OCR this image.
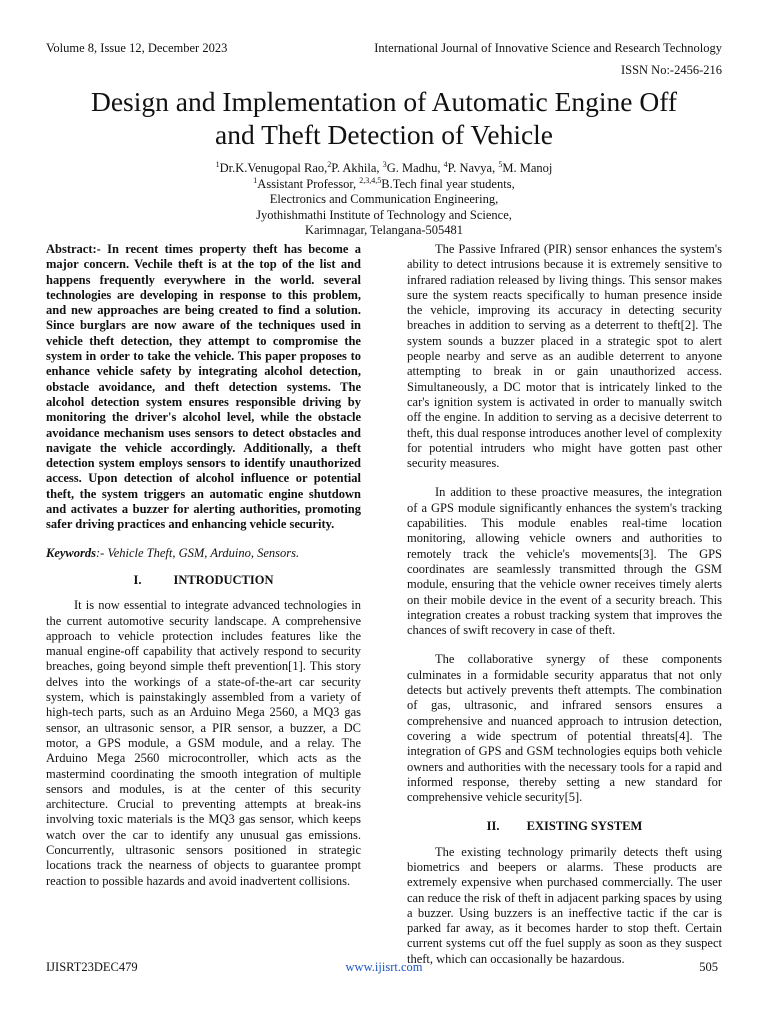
Volume 8, Issue 12, December 2023	International Journal of Innovative Science and Research Technology
ISSN No:-2456-216
Design and Implementation of Automatic Engine Off
and Theft Detection of Vehicle
$^1$Dr.K.Venugopal Rao,$^2$P. Akhila, $^3$G. Madhu, $^4$P. Navya, $^5$M. Manoj
$^1$Assistant Professor, $^{2,3,4,5}$B.Tech final year students,
Electronics and Communication Engineering,
Jyothishmathi Institute of Technology and Science,
Karimnagar, Telangana-505481

Abstract:- In recent times property theft has become a major concern. Vechile theft is at the top of the list and happens frequently everywhere in the world. several technologies are developing in response to this problem, and new approaches are being created to find a solution. Since burglars are now aware of the techniques used in vehicle theft detection, they attempt to compromise the system in order to take the vehicle. This paper proposes to enhance vehicle safety by integrating alcohol detection, obstacle avoidance, and theft detection systems. The alcohol detection system ensures responsible driving by monitoring the driver's alcohol level, while the obstacle avoidance mechanism uses sensors to detect obstacles and navigate the vehicle accordingly. Additionally, a theft detection system employs sensors to identify unauthorized access. Upon detection of alcohol influence or potential theft, the system triggers an automatic engine shutdown and activates a buzzer for alerting authorities, promoting safer driving practices and enhancing vehicle security.

Keywords:- Vehicle Theft, GSM, Arduino, Sensors.

I.	INTRODUCTION

It is now essential to integrate advanced technologies in the current automotive security landscape. A comprehensive approach to vehicle protection includes features like the manual engine-off capability that actively respond to security breaches, going beyond simple theft prevention[1]. This story delves into the workings of a state-of-the-art car security system, which is painstakingly assembled from a variety of high-tech parts, such as an Arduino Mega 2560, a MQ3 gas sensor, an ultrasonic sensor, a PIR sensor, a buzzer, a DC motor, a GPS module, a GSM module, and a relay. The Arduino Mega 2560 microcontroller, which acts as the mastermind coordinating the smooth integration of multiple sensors and modules, is at the center of this security architecture. Crucial to preventing attempts at break-ins involving toxic materials is the MQ3 gas sensor, which keeps watch over the car to identify any unusual gas emissions. Concurrently, ultrasonic sensors positioned in strategic locations track the nearness of objects to guarantee prompt reaction to possible hazards and avoid inadvertent collisions.

The Passive Infrared (PIR) sensor enhances the system's ability to detect intrusions because it is extremely sensitive to infrared radiation released by living things. This sensor makes sure the system reacts specifically to human presence inside the vehicle, improving its accuracy in detecting security breaches in addition to serving as a deterrent to theft[2]. The system sounds a buzzer placed in a strategic spot to alert people nearby and serve as an audible deterrent to anyone attempting to break in or gain unauthorized access. Simultaneously, a DC motor that is intricately linked to the car's ignition system is activated in order to manually switch off the engine. In addition to serving as a decisive deterrent to theft, this dual response introduces another level of complexity for potential intruders who might have gotten past other security measures.

In addition to these proactive measures, the integration of a GPS module significantly enhances the system's tracking capabilities. This module enables real-time location monitoring, allowing vehicle owners and authorities to remotely track the vehicle's movements[3]. The GPS coordinates are seamlessly transmitted through the GSM module, ensuring that the vehicle owner receives timely alerts on their mobile device in the event of a security breach. This integration creates a robust tracking system that improves the chances of swift recovery in case of theft.

The collaborative synergy of these components culminates in a formidable security apparatus that not only detects but actively prevents theft attempts. The combination of gas, ultrasonic, and infrared sensors ensures a comprehensive and nuanced approach to intrusion detection, covering a wide spectrum of potential threats[4]. The integration of GPS and GSM technologies equips both vehicle owners and authorities with the necessary tools for a rapid and informed response, thereby setting a new standard for comprehensive vehicle security[5].

II. EXISTING SYSTEM

The existing technology primarily detects theft using biometrics and beepers or alarms. These products are extremely expensive when purchased commercially. The user can reduce the risk of theft in adjacent parking spaces by using a buzzer. Using buzzers is an ineffective tactic if the car is parked far away, as it becomes harder to stop theft. Certain current systems cut off the fuel supply as soon as they suspect theft, which can occasionally be hazardous.

IJISRT23DEC479	www.ijisrt.com	505
